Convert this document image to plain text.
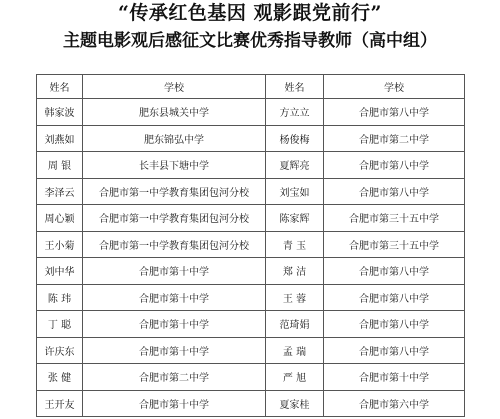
“传承红色基因 观影跟党前行”
主题电影观后感征文比赛优秀指导教师（高中组）
姓名	学校	姓名	学校
韩家波	肥东县城关中学	方立立	合肥市第八中学
刘燕如	肥东锦弘中学	杨俊梅	合肥市第二中学
周 银	长丰县下塘中学	夏辉亮	合肥市第八中学
李泽云	合肥市第一中学教育集团包河分校	刘宝如	合肥市第八中学
周心颖	合肥市第一中学教育集团包河分校	陈家辉	合肥市第三十五中学
王小菊	合肥市第一中学教育集团包河分校	青 玉	合肥市第三十五中学
刘中华	合肥市第十中学	郑 洁	合肥市第八中学
陈 玮	合肥市第十中学	王 蓉	合肥市第八中学
丁 聪	合肥市第十中学	范琦娟	合肥市第八中学
许庆东	合肥市第十中学	孟 瑞	合肥市第八中学
张 健	合肥市第二中学	严 旭	合肥市第十中学
王开友	合肥市第十中学	夏家桂	合肥市第六中学
